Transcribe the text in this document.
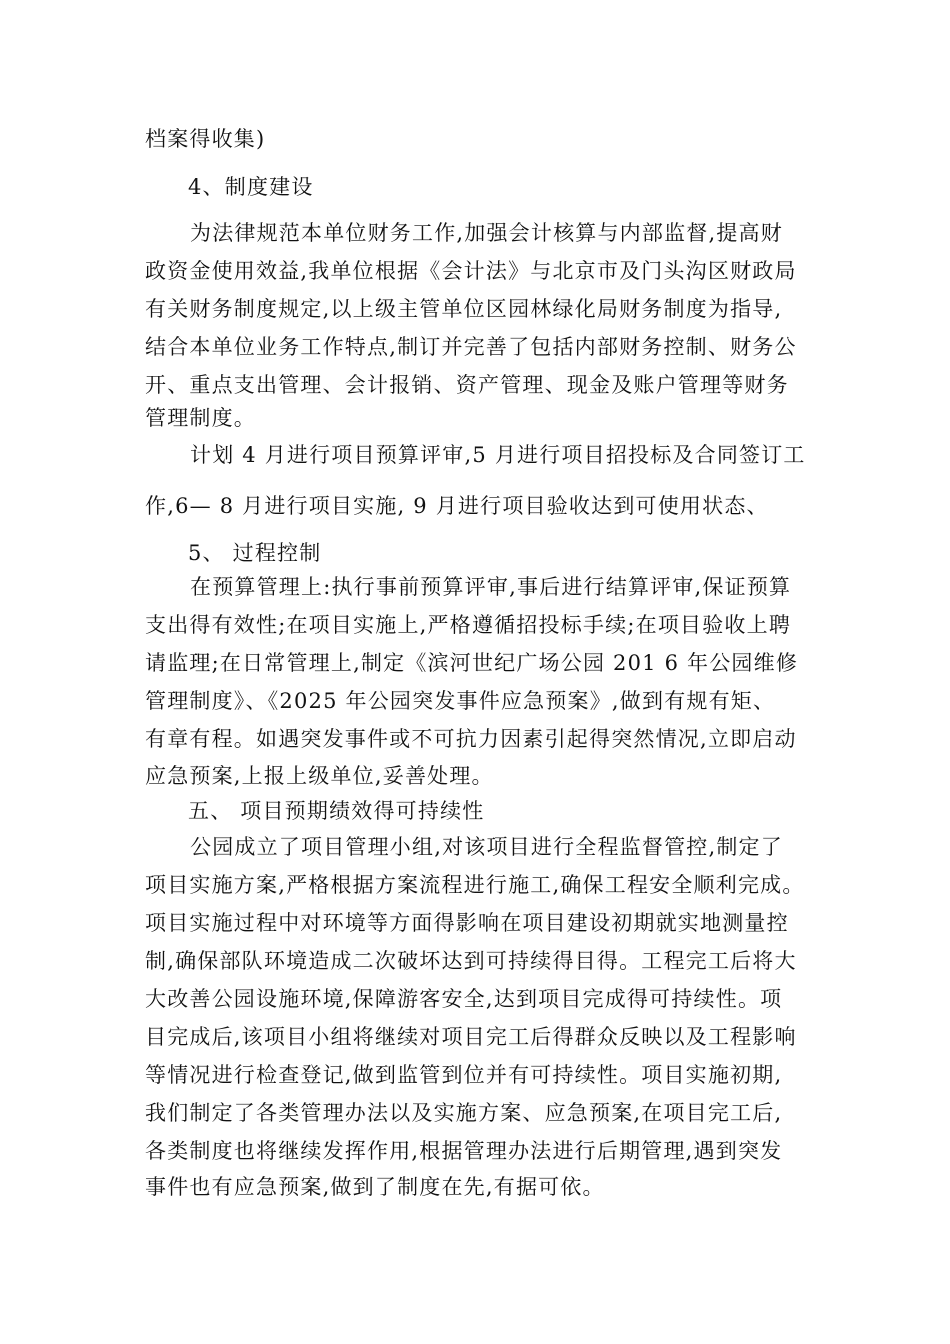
档案得收集)
4、制度建设
为法律规范本单位财务工作,加强会计核算与内部监督,提高财
政资金使用效益,我单位根据《会计法》与北京市及门头沟区财政局
有关财务制度规定,以上级主管单位区园林绿化局财务制度为指导,
结合本单位业务工作特点,制订并完善了包括内部财务控制、财务公
开、重点支出管理、会计报销、资产管理、现金及账户管理等财务
管理制度。
计划 4 月进行项目预算评审,5 月进行项目招投标及合同签订工
作,6— 8 月进行项目实施, 9 月进行项目验收达到可使用状态、
5、 过程控制
在预算管理上:执行事前预算评审,事后进行结算评审,保证预算
支出得有效性;在项目实施上,严格遵循招投标手续;在项目验收上聘
请监理;在日常管理上,制定《滨河世纪广场公园 201 6 年公园维修
管理制度》、《2025 年公园突发事件应急预案》,做到有规有矩、
有章有程。如遇突发事件或不可抗力因素引起得突然情况,立即启动
应急预案,上报上级单位,妥善处理。
五、 项目预期绩效得可持续性
公园成立了项目管理小组,对该项目进行全程监督管控,制定了
项目实施方案,严格根据方案流程进行施工,确保工程安全顺利完成。
项目实施过程中对环境等方面得影响在项目建设初期就实地测量控
制,确保部队环境造成二次破坏达到可持续得目得。工程完工后将大
大改善公园设施环境,保障游客安全,达到项目完成得可持续性。项
目完成后,该项目小组将继续对项目完工后得群众反映以及工程影响
等情况进行检查登记,做到监管到位并有可持续性。项目实施初期,
我们制定了各类管理办法以及实施方案、应急预案,在项目完工后,
各类制度也将继续发挥作用,根据管理办法进行后期管理,遇到突发
事件也有应急预案,做到了制度在先,有据可依。
